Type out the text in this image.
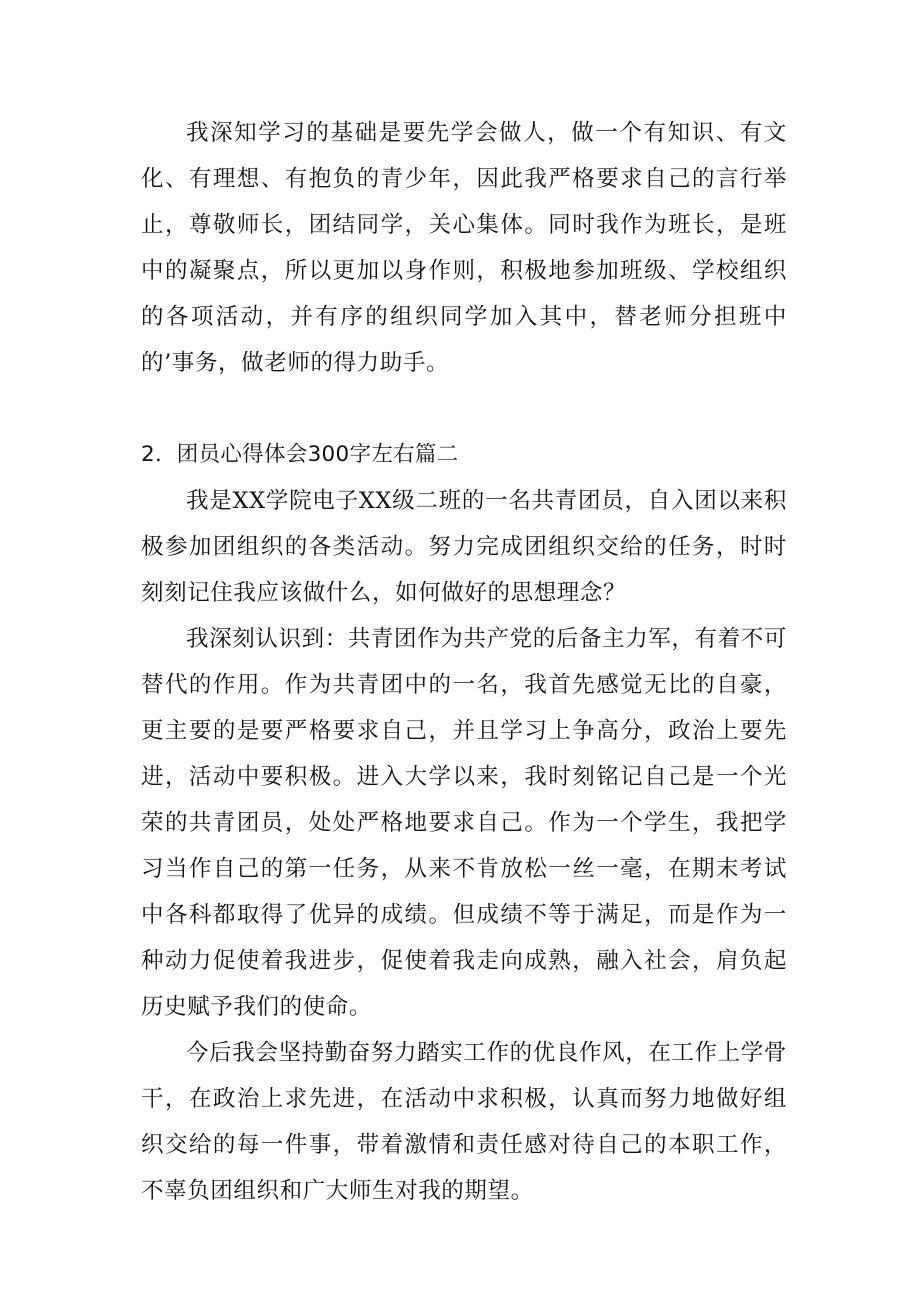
我深知学习的基础是要先学会做人，做一个有知识、有文化、有理想、有抱负的青少年，因此我严格要求自己的言行举止，尊敬师长，团结同学，关心集体。同时我作为班长，是班中的凝聚点，所以更加以身作则，积极地参加班级、学校组织的各项活动，并有序的组织同学加入其中，替老师分担班中的’事务，做老师的得力助手。

2．团员心得体会300字左右篇二

我是XX学院电子XX级二班的一名共青团员，自入团以来积极参加团组织的各类活动。努力完成团组织交给的任务，时时刻刻记住我应该做什么，如何做好的思想理念？

我深刻认识到：共青团作为共产党的后备主力军，有着不可替代的作用。作为共青团中的一名，我首先感觉无比的自豪，更主要的是要严格要求自己，并且学习上争高分，政治上要先进，活动中要积极。进入大学以来，我时刻铭记自己是一个光荣的共青团员，处处严格地要求自己。作为一个学生，我把学习当作自己的第一任务，从来不肯放松一丝一毫，在期末考试中各科都取得了优异的成绩。但成绩不等于满足，而是作为一种动力促使着我进步，促使着我走向成熟，融入社会，肩负起历史赋予我们的使命。

今后我会坚持勤奋努力踏实工作的优良作风，在工作上学骨干，在政治上求先进，在活动中求积极，认真而努力地做好组织交给的每一件事，带着激情和责任感对待自己的本职工作，不辜负团组织和广大师生对我的期望。
